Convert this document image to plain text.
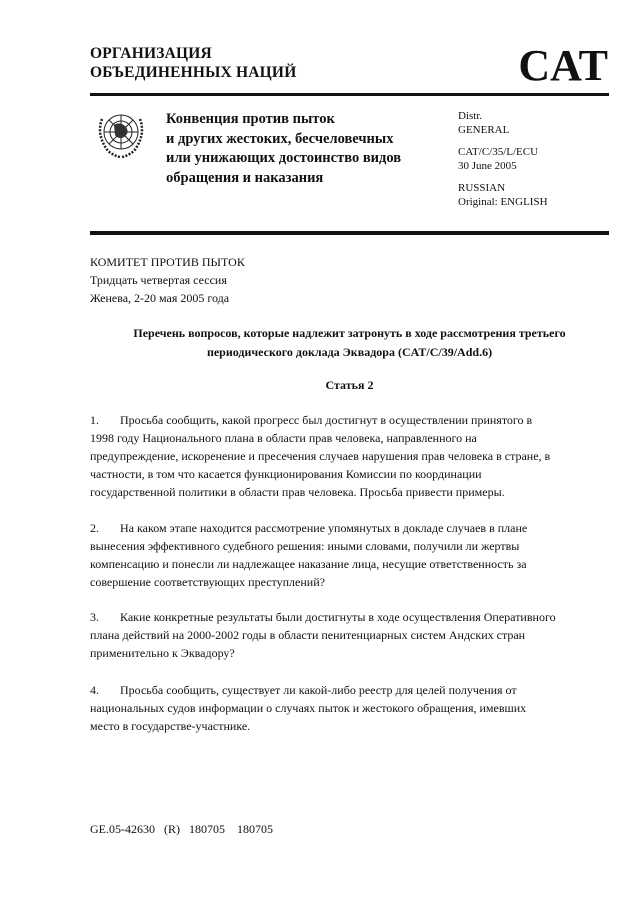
ОРГАНИЗАЦИЯ
ОБЪЕДИНЕННЫХ НАЦИЙ	CAT
Конвенция против пыток
и других жестоких, бесчеловечных
или унижающих достоинство видов
обращения и наказания
Distr.
GENERAL
CAT/C/35/L/ECU
30 June 2005
RUSSIAN
Original: ENGLISH
КОМИТЕТ ПРОТИВ ПЫТОК
Тридцать четвертая сессия
Женева, 2-20 мая 2005 года
Перечень вопросов, которые надлежит затронуть в ходе рассмотрения третьего
периодического доклада Эквадора (CAT/C/39/Add.6)
Статья 2
1. Просьба сообщить, какой прогресс был достигнут в осуществлении принятого в
1998 году Национального плана в области прав человека, направленного на
предупреждение, искоренение и пресечения случаев нарушения прав человека в стране, в
частности, в том что касается функционирования Комиссии по координации
государственной политики в области прав человека. Просьба привести примеры.
2. На каком этапе находится рассмотрение упомянутых в докладе случаев в плане
вынесения эффективного судебного решения: иными словами, получили ли жертвы
компенсацию и понесли ли надлежащее наказание лица, несущие ответственность за
совершение соответствующих преступлений?
3. Какие конкретные результаты были достигнуты в ходе осуществления Оперативного
плана действий на 2000-2002 годы в области пенитенциарных систем Андских стран
применительно к Эквадору?
4. Просьба сообщить, существует ли какой-либо реестр для целей получения от
национальных судов информации о случаях пыток и жестокого обращения, имевших
место в государстве-участнике.
GE.05-42630   (R)   180705    180705
